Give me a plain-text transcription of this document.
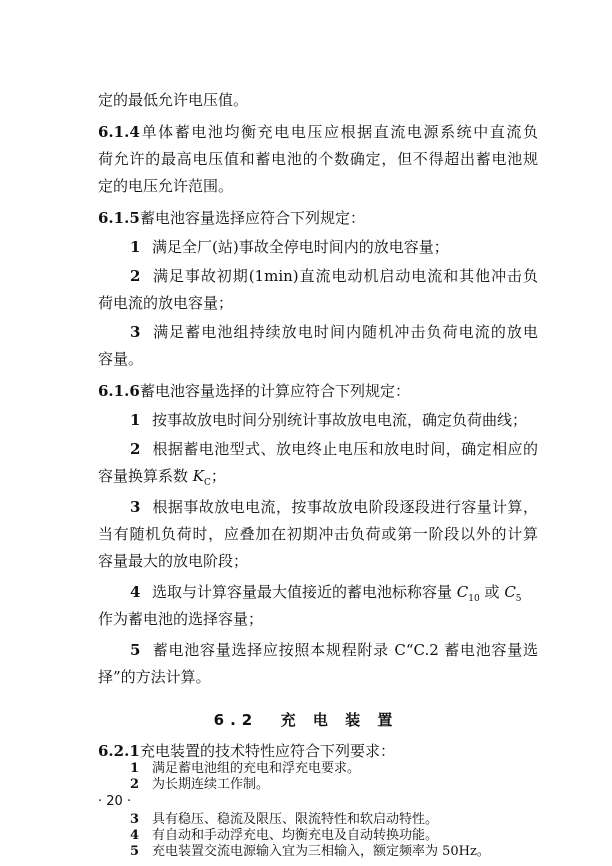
定的最低允许电压值。
6.1.4单体蓄电池均衡充电电压应根据直流电源系统中直流负
荷允许的最高电压值和蓄电池的个数确定，但不得超出蓄电池规
定的电压允许范围。
6.1.5蓄电池容量选择应符合下列规定：
1 满足全厂(站)事故全停电时间内的放电容量；
2 满足事故初期(1min)直流电动机启动电流和其他冲击负
荷电流的放电容量；
3 满足蓄电池组持续放电时间内随机冲击负荷电流的放电
容量。
6.1.6蓄电池容量选择的计算应符合下列规定：
1 按事故放电时间分别统计事故放电电流，确定负荷曲线；
2 根据蓄电池型式、放电终止电压和放电时间，确定相应的
容量换算系数 $K_C$；
3 根据事故放电电流，按事故放电阶段逐段进行容量计算，
当有随机负荷时，应叠加在初期冲击负荷或第一阶段以外的计算
容量最大的放电阶段；
4 选取与计算容量最大值接近的蓄电池标称容量 $C_{10}$ 或 $C_5$
作为蓄电池的选择容量；
5 蓄电池容量选择应按照本规程附录 C“C.2 蓄电池容量选
择”的方法计算。
6.2 充 电 装 置
6.2.1充电装置的技术特性应符合下列要求：
1 满足蓄电池组的充电和浮充电要求。
2 为长期连续工作制。
3 具有稳压、稳流及限压、限流特性和软启动特性。
4 有自动和手动浮充电、均衡充电及自动转换功能。
5 充电装置交流电源输入宜为三相输入，额定频率为 50Hz。
· 20 ·
